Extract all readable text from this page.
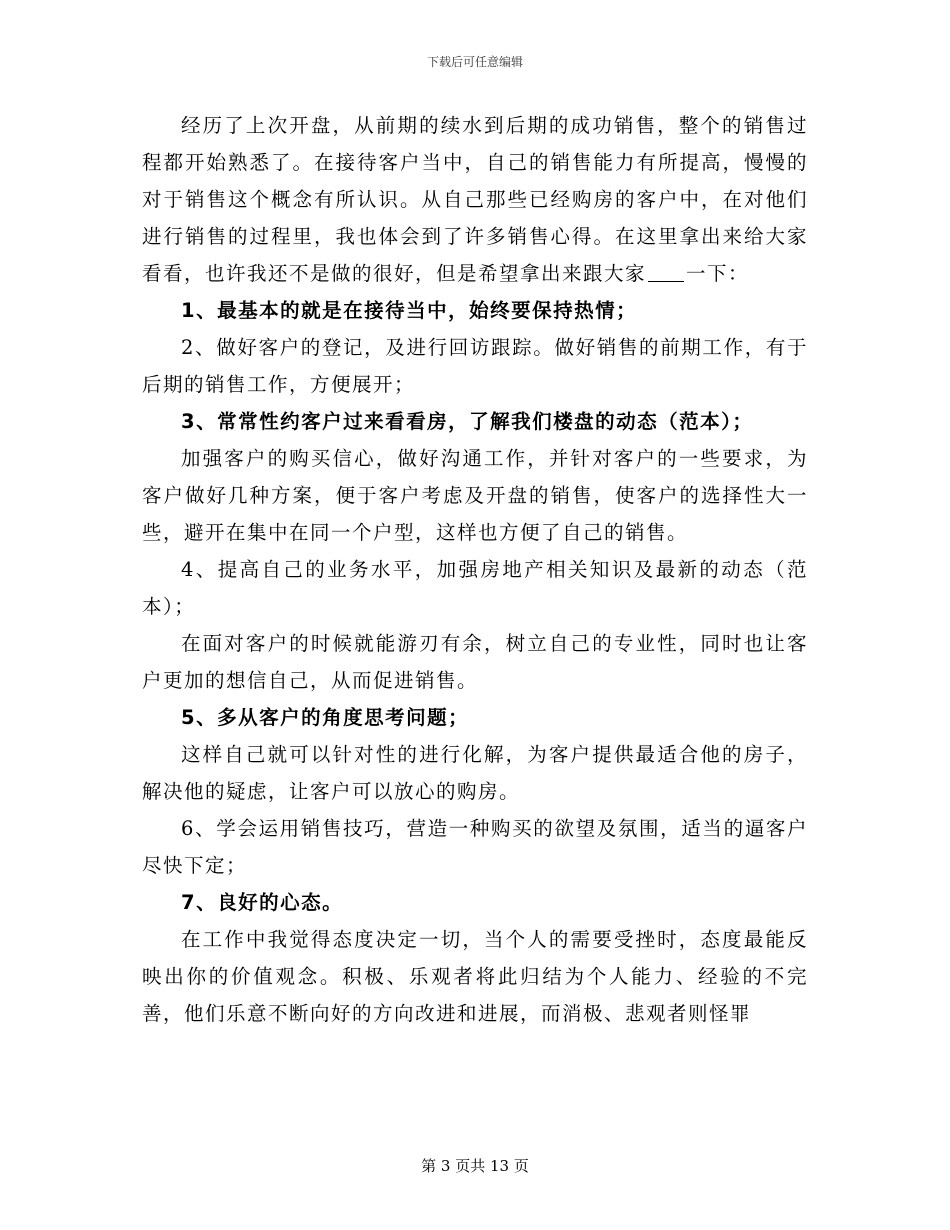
下载后可任意编辑

经历了上次开盘，从前期的续水到后期的成功销售，整个的销售过程都开始熟悉了。在接待客户当中，自己的销售能力有所提高，慢慢的对于销售这个概念有所认识。从自己那些已经购房的客户中，在对他们进行销售的过程里，我也体会到了许多销售心得。在这里拿出来给大家看看，也许我还不是做的很好，但是希望拿出来跟大家 一下：

1、最基本的就是在接待当中，始终要保持热情；

2、做好客户的登记，及进行回访跟踪。做好销售的前期工作，有于后期的销售工作，方便展开；

3、常常性约客户过来看看房，了解我们楼盘的动态（范本）；

加强客户的购买信心，做好沟通工作，并针对客户的一些要求，为客户做好几种方案，便于客户考虑及开盘的销售，使客户的选择性大一些，避开在集中在同一个户型，这样也方便了自己的销售。

4、提高自己的业务水平，加强房地产相关知识及最新的动态（范本）；

在面对客户的时候就能游刃有余，树立自己的专业性，同时也让客户更加的想信自己，从而促进销售。

5、多从客户的角度思考问题；

这样自己就可以针对性的进行化解，为客户提供最适合他的房子，解决他的疑虑，让客户可以放心的购房。

6、学会运用销售技巧，营造一种购买的欲望及氛围，适当的逼客户尽快下定；

7、良好的心态。

在工作中我觉得态度决定一切，当个人的需要受挫时，态度最能反映出你的价值观念。积极、乐观者将此归结为个人能力、经验的不完善，他们乐意不断向好的方向改进和进展，而消极、悲观者则怪罪

第 3 页共 13 页
